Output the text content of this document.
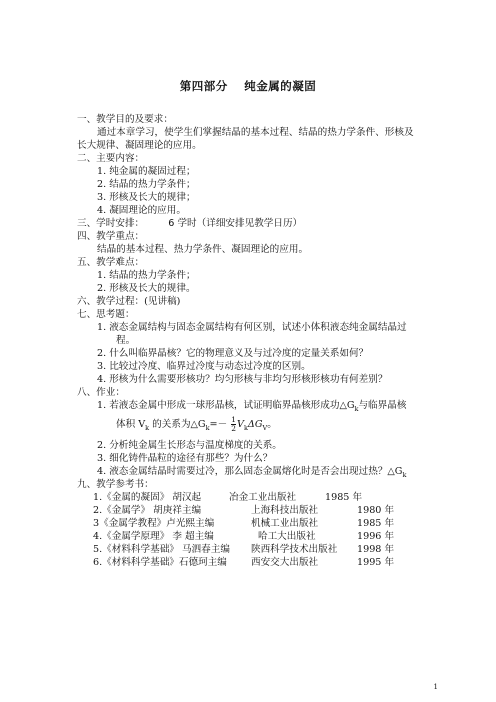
第四部分　 纯金属的凝固
一、教学目的及要求：
通过本章学习，使学生们掌握结晶的基本过程、结晶的热力学条件、形核及
长大规律、凝固理论的应用。
二、主要内容：
1. 纯金属的凝固过程；
2. 结晶的热力学条件；
3. 形核及长大的规律；
4. 凝固理论的应用。
三、学时安排：	6 学时（详细安排见教学日历）
四、教学重点：
结晶的基本过程、热力学条件、凝固理论的应用。
五、教学难点：
1. 结晶的热力学条件；
2. 形核及长大的规律。
六、教学过程：(见讲稿)
七、思考题：
1. 液态金属结构与固态金属结构有何区别，试述小体积液态纯金属结晶过
程。
2. 什么叫临界晶核？它的物理意义及与过冷度的定量关系如何？
3. 比较过冷度、临界过冷度与动态过冷度的区别。
4. 形核为什么需要形核功？均匀形核与非均匀形核形核功有何差别？
八、作业：
1. 若液态金属中形成一球形晶核，试证明临界晶核形成功$\triangle G_k$与临界晶核
体积 $V_k$ 的关系为$\triangle G_k=- \frac{1}{2} V_k\Delta G_V$。
2. 分析纯金属生长形态与温度梯度的关系。
3. 细化铸件晶粒的途径有那些？为什么？
4. 液态金属结晶时需要过冷，那么固态金属熔化时是否会出现过热？$\triangle G_k$
九、教学参考书：
1.《金属的凝固》 胡汉起	冶金工业出版社	1985 年
2.《金属学》 胡庚祥主编	上海科技出版社	1980 年
3《金属学教程》卢光熙主编	机械工业出版社	1985 年
4.《金属学原理》 李 超主编	哈工大出版社	1996 年
5.《材料科学基础》 马泗春主编 陕西科学技术出版社 1998 年
6.《材料科学基础》石德珂主编	西安交大出版社	1995 年
1
